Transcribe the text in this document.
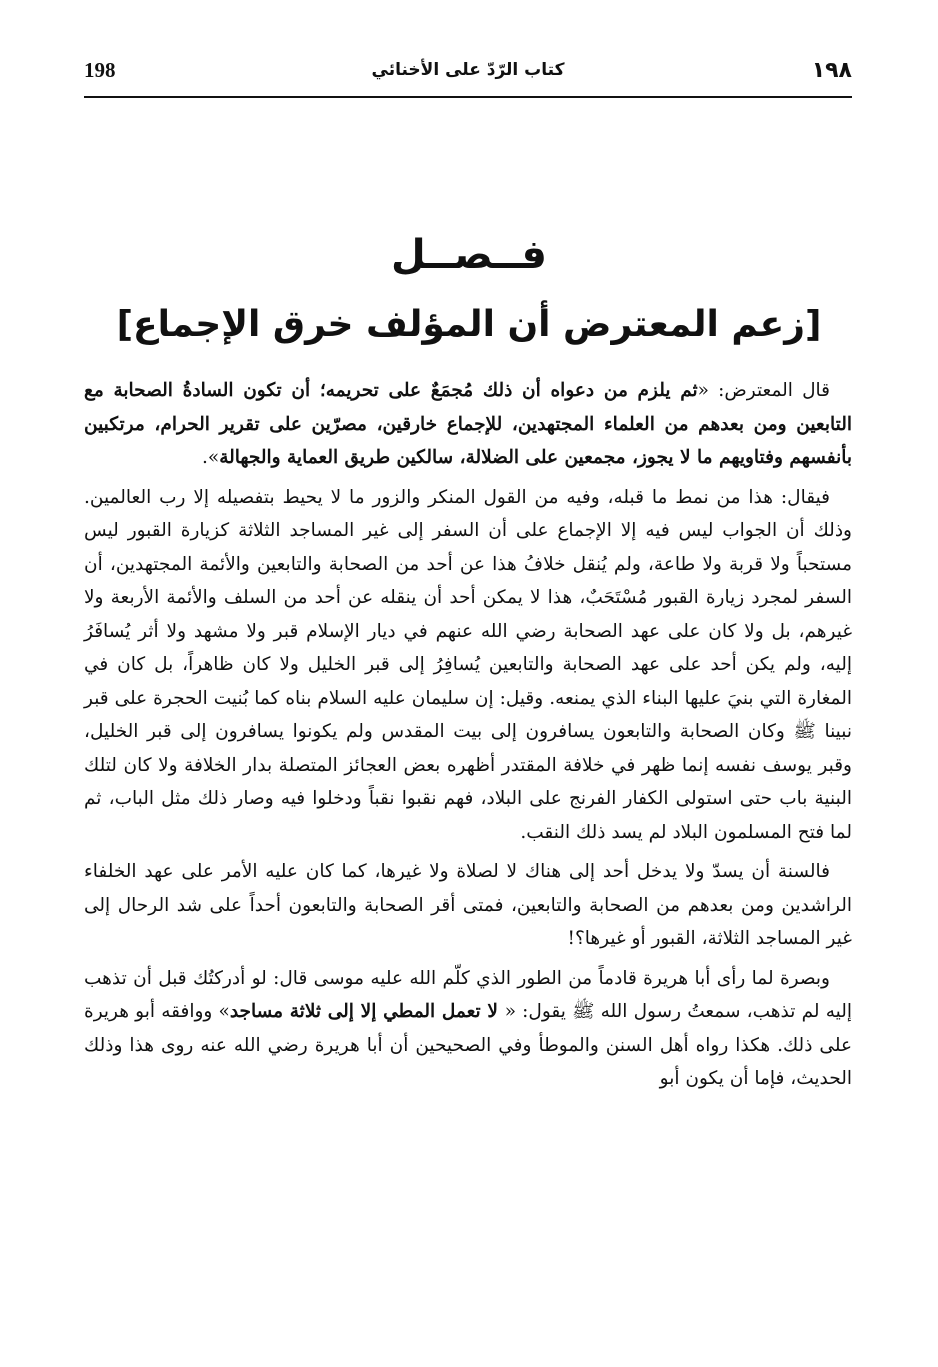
١٩٨
كتاب الرّدّ على الأخنائي
198
فــصــل
[زعم المعترض أن المؤلف خرق الإجماع]

قال المعترض: «ثم يلزم من دعواه أن ذلك مُجمَعٌ على تحريمه؛ أن تكون السادةُ الصحابة مع التابعين ومن بعدهم من العلماء المجتهدين، للإجماع خارقين، مصرّين على تقرير الحرام، مرتكبين بأنفسهم وفتاويهم ما لا يجوز، مجمعين على الضلالة، سالكين طريق العماية والجهالة».

فيقال: هذا من نمط ما قبله، وفيه من القول المنكر والزور ما لا يحيط بتفصيله إلا رب العالمين. وذلك أن الجواب ليس فيه إلا الإجماع على أن السفر إلى غير المساجد الثلاثة كزيارة القبور ليس مستحباً ولا قربة ولا طاعة، ولم يُنقل خلافُ هذا عن أحد من الصحابة والتابعين والأئمة المجتهدين، أن السفر لمجرد زيارة القبور مُسْتَحَبٌ، هذا لا يمكن أحد أن ينقله عن أحد من السلف والأئمة الأربعة ولا غيرهم، بل ولا كان على عهد الصحابة رضي الله عنهم في ديار الإسلام قبر ولا مشهد ولا أثر يُسافَرُ إليه، ولم يكن أحد على عهد الصحابة والتابعين يُسافِرُ إلى قبر الخليل ولا كان ظاهراً، بل كان في المغارة التي بنيَ عليها البناء الذي يمنعه. وقيل: إن سليمان عليه السلام بناه كما بُنيت الحجرة على قبر نبينا ﷺ وكان الصحابة والتابعون يسافرون إلى بيت المقدس ولم يكونوا يسافرون إلى قبر الخليل، وقبر يوسف نفسه إنما ظهر في خلافة المقتدر أظهره بعض العجائز المتصلة بدار الخلافة ولا كان لتلك البنية باب حتى استولى الكفار الفرنج على البلاد، فهم نقبوا نقباً ودخلوا فيه وصار ذلك مثل الباب، ثم لما فتح المسلمون البلاد لم يسد ذلك النقب.

فالسنة أن يسدّ ولا يدخل أحد إلى هناك لا لصلاة ولا غيرها، كما كان عليه الأمر على عهد الخلفاء الراشدين ومن بعدهم من الصحابة والتابعين، فمتى أقر الصحابة والتابعون أحداً على شد الرحال إلى غير المساجد الثلاثة، القبور أو غيرها؟!

وبصرة لما رأى أبا هريرة قادماً من الطور الذي كلّم الله عليه موسى قال: لو أدركتُك قبل أن تذهب إليه لم تذهب، سمعتُ رسول الله ﷺ يقول: « لا تعمل المطي إلا إلى ثلاثة مساجد» ووافقه أبو هريرة على ذلك. هكذا رواه أهل السنن والموطأ وفي الصحيحين أن أبا هريرة رضي الله عنه روى هذا وذلك الحديث، فإما أن يكون أبو
